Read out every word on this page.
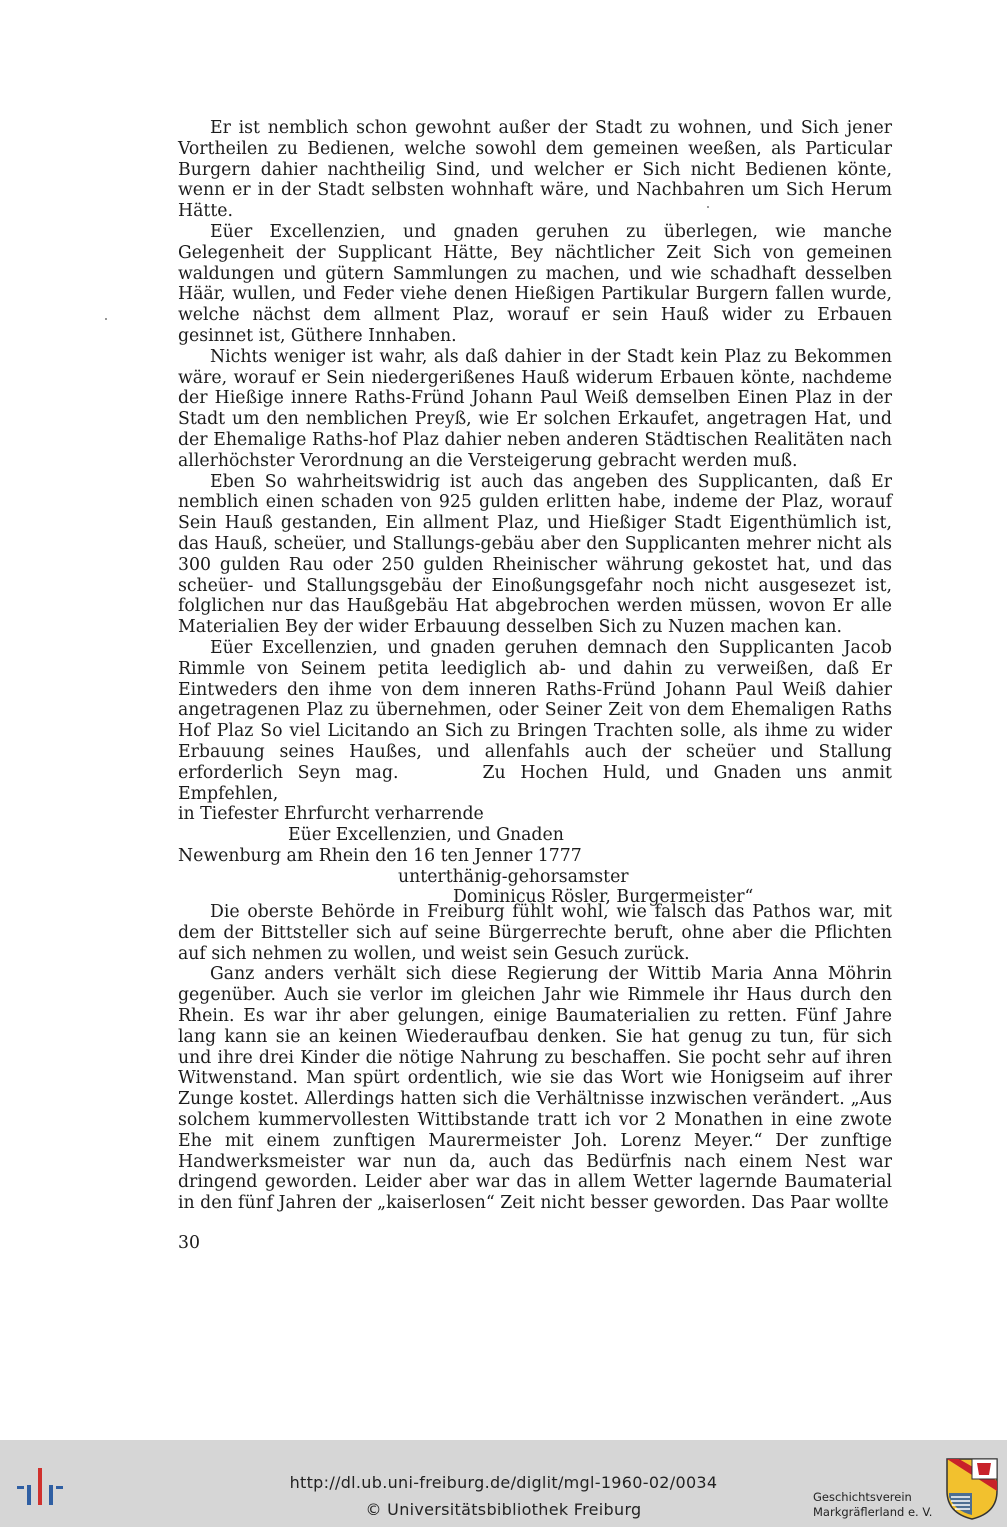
Er ist nemblich schon gewohnt außer der Stadt zu wohnen, und Sich jener Vortheilen zu Bedienen, welche sowohl dem gemeinen weeßen, als Particular Burgern dahier nachtheilig Sind, und welcher er Sich nicht Bedienen könte, wenn er in der Stadt selbsten wohnhaft wäre, und Nachbahren um Sich Herum Hätte.

Eüer Excellenzien, und gnaden geruhen zu überlegen, wie manche Gelegenheit der Supplicant Hätte, Bey nächtlicher Zeit Sich von gemeinen waldungen und gütern Sammlungen zu machen, und wie schadhaft desselben Häär, wullen, und Feder viehe denen Hießigen Partikular Burgern fallen wurde, welche nächst dem allment Plaz, worauf er sein Hauß wider zu Erbauen gesinnet ist, Güthere Innhaben.

Nichts weniger ist wahr, als daß dahier in der Stadt kein Plaz zu Bekommen wäre, worauf er Sein niedergerißenes Hauß widerum Erbauen könte, nachdeme der Hießige innere Raths-Fründ Johann Paul Weiß demselben Einen Plaz in der Stadt um den nemblichen Preyß, wie Er solchen Erkaufet, angetragen Hat, und der Ehemalige Raths-hof Plaz dahier neben anderen Städtischen Realitäten nach allerhöchster Verordnung an die Versteigerung gebracht werden muß.

Eben So wahrheitswidrig ist auch das angeben des Supplicanten, daß Er nemblich einen schaden von 925 gulden erlitten habe, indeme der Plaz, worauf Sein Hauß gestanden, Ein allment Plaz, und Hießiger Stadt Eigenthümlich ist, das Hauß, scheüer, und Stallungs-gebäu aber den Supplicanten mehrer nicht als 300 gulden Rau oder 250 gulden Rheinischer währung gekostet hat, und das scheüer- und Stallungsgebäu der Einoßungsgefahr noch nicht ausgesezet ist, folglichen nur das Haußgebäu Hat abgebrochen werden müssen, wovon Er alle Materialien Bey der wider Erbauung desselben Sich zu Nuzen machen kan.

Eüer Excellenzien, und gnaden geruhen demnach den Supplicanten Jacob Rimmle von Seinem petita leediglich ab- und dahin zu verweißen, daß Er Eintweders den ihme von dem inneren Raths-Fründ Johann Paul Weiß dahier angetragenen Plaz zu übernehmen, oder Seiner Zeit von dem Ehemaligen Raths Hof Plaz So viel Licitando an Sich zu Bringen Trachten solle, als ihme zu wider Erbauung seines Haußes, und allenfahls auch der scheüer und Stallung erforderlich Seyn mag.	Zu Hochen Huld, und Gnaden uns anmit Empfehlen,

in Tiefester Ehrfurcht verharrende

Eüer Excellenzien, und Gnaden

Newenburg am Rhein den 16 ten Jenner 1777

unterthänig-gehorsamster

Dominicus Rösler, Burgermeister“

Die oberste Behörde in Freiburg fühlt wohl, wie falsch das Pathos war, mit dem der Bittsteller sich auf seine Bürgerrechte beruft, ohne aber die Pflichten auf sich nehmen zu wollen, und weist sein Gesuch zurück.

Ganz anders verhält sich diese Regierung der Wittib Maria Anna Möhrin gegenüber. Auch sie verlor im gleichen Jahr wie Rimmele ihr Haus durch den Rhein. Es war ihr aber gelungen, einige Baumaterialien zu retten. Fünf Jahre lang kann sie an keinen Wiederaufbau denken. Sie hat genug zu tun, für sich und ihre drei Kinder die nötige Nahrung zu beschaffen. Sie pocht sehr auf ihren Witwenstand. Man spürt ordentlich, wie sie das Wort wie Honigseim auf ihrer Zunge kostet. Allerdings hatten sich die Verhältnisse inzwischen verändert. „Aus solchem kummervollesten Wittibstande tratt ich vor 2 Monathen in eine zwote Ehe mit einem zunftigen Maurermeister Joh. Lorenz Meyer.“ Der zunftige Handwerksmeister war nun da, auch das Bedürfnis nach einem Nest war dringend geworden. Leider aber war das in allem Wetter lagernde Baumaterial in den fünf Jahren der „kaiserlosen“ Zeit nicht besser geworden. Das Paar wollte

30
http://dl.ub.uni-freiburg.de/diglit/mgl-1960-02/0034
© Universitätsbibliothek Freiburg
Geschichtsverein
Markgräflerland e. V.
